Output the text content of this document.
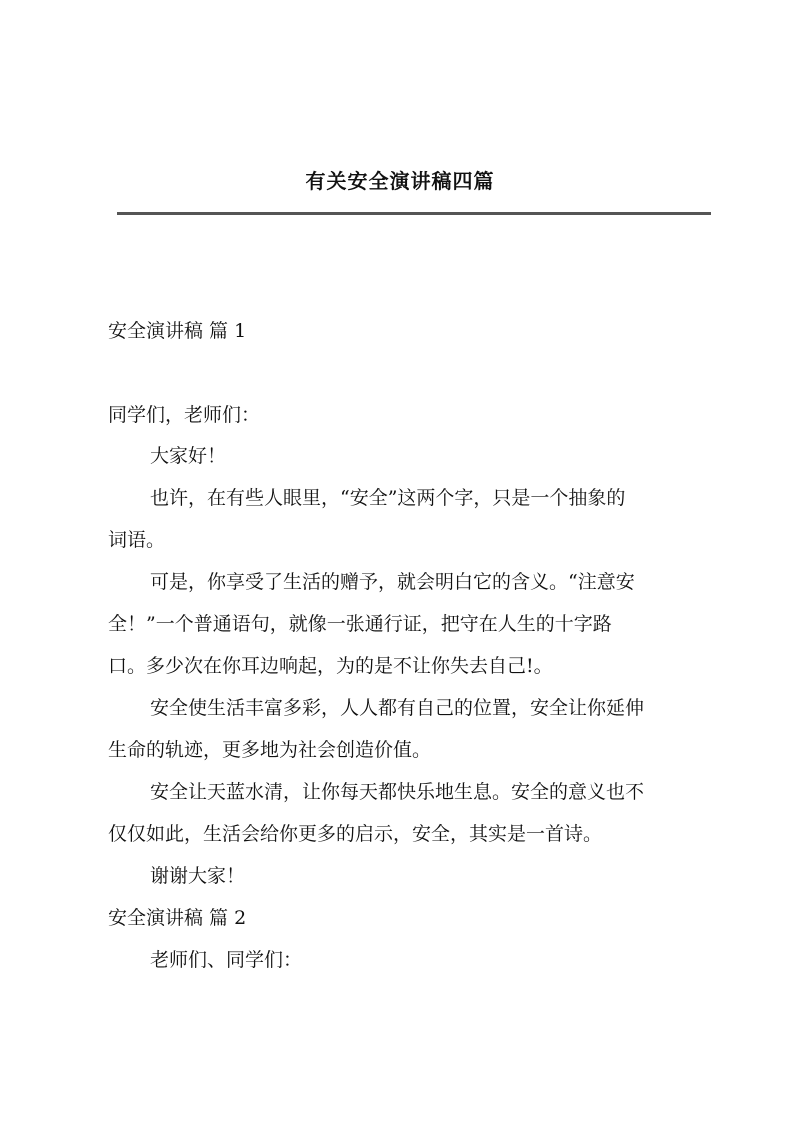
有关安全演讲稿四篇
安全演讲稿 篇 1
同学们，老师们：
大家好！
也许，在有些人眼里，“安全”这两个字，只是一个抽象的
词语。
可是，你享受了生活的赠予，就会明白它的含义。“注意安
全！”一个普通语句，就像一张通行证，把守在人生的十字路
口。多少次在你耳边响起，为的是不让你失去自己!。
安全使生活丰富多彩，人人都有自己的位置，安全让你延伸
生命的轨迹，更多地为社会创造价值。
安全让天蓝水清，让你每天都快乐地生息。安全的意义也不
仅仅如此，生活会给你更多的启示，安全，其实是一首诗。
谢谢大家！
安全演讲稿 篇 2
老师们、同学们：
